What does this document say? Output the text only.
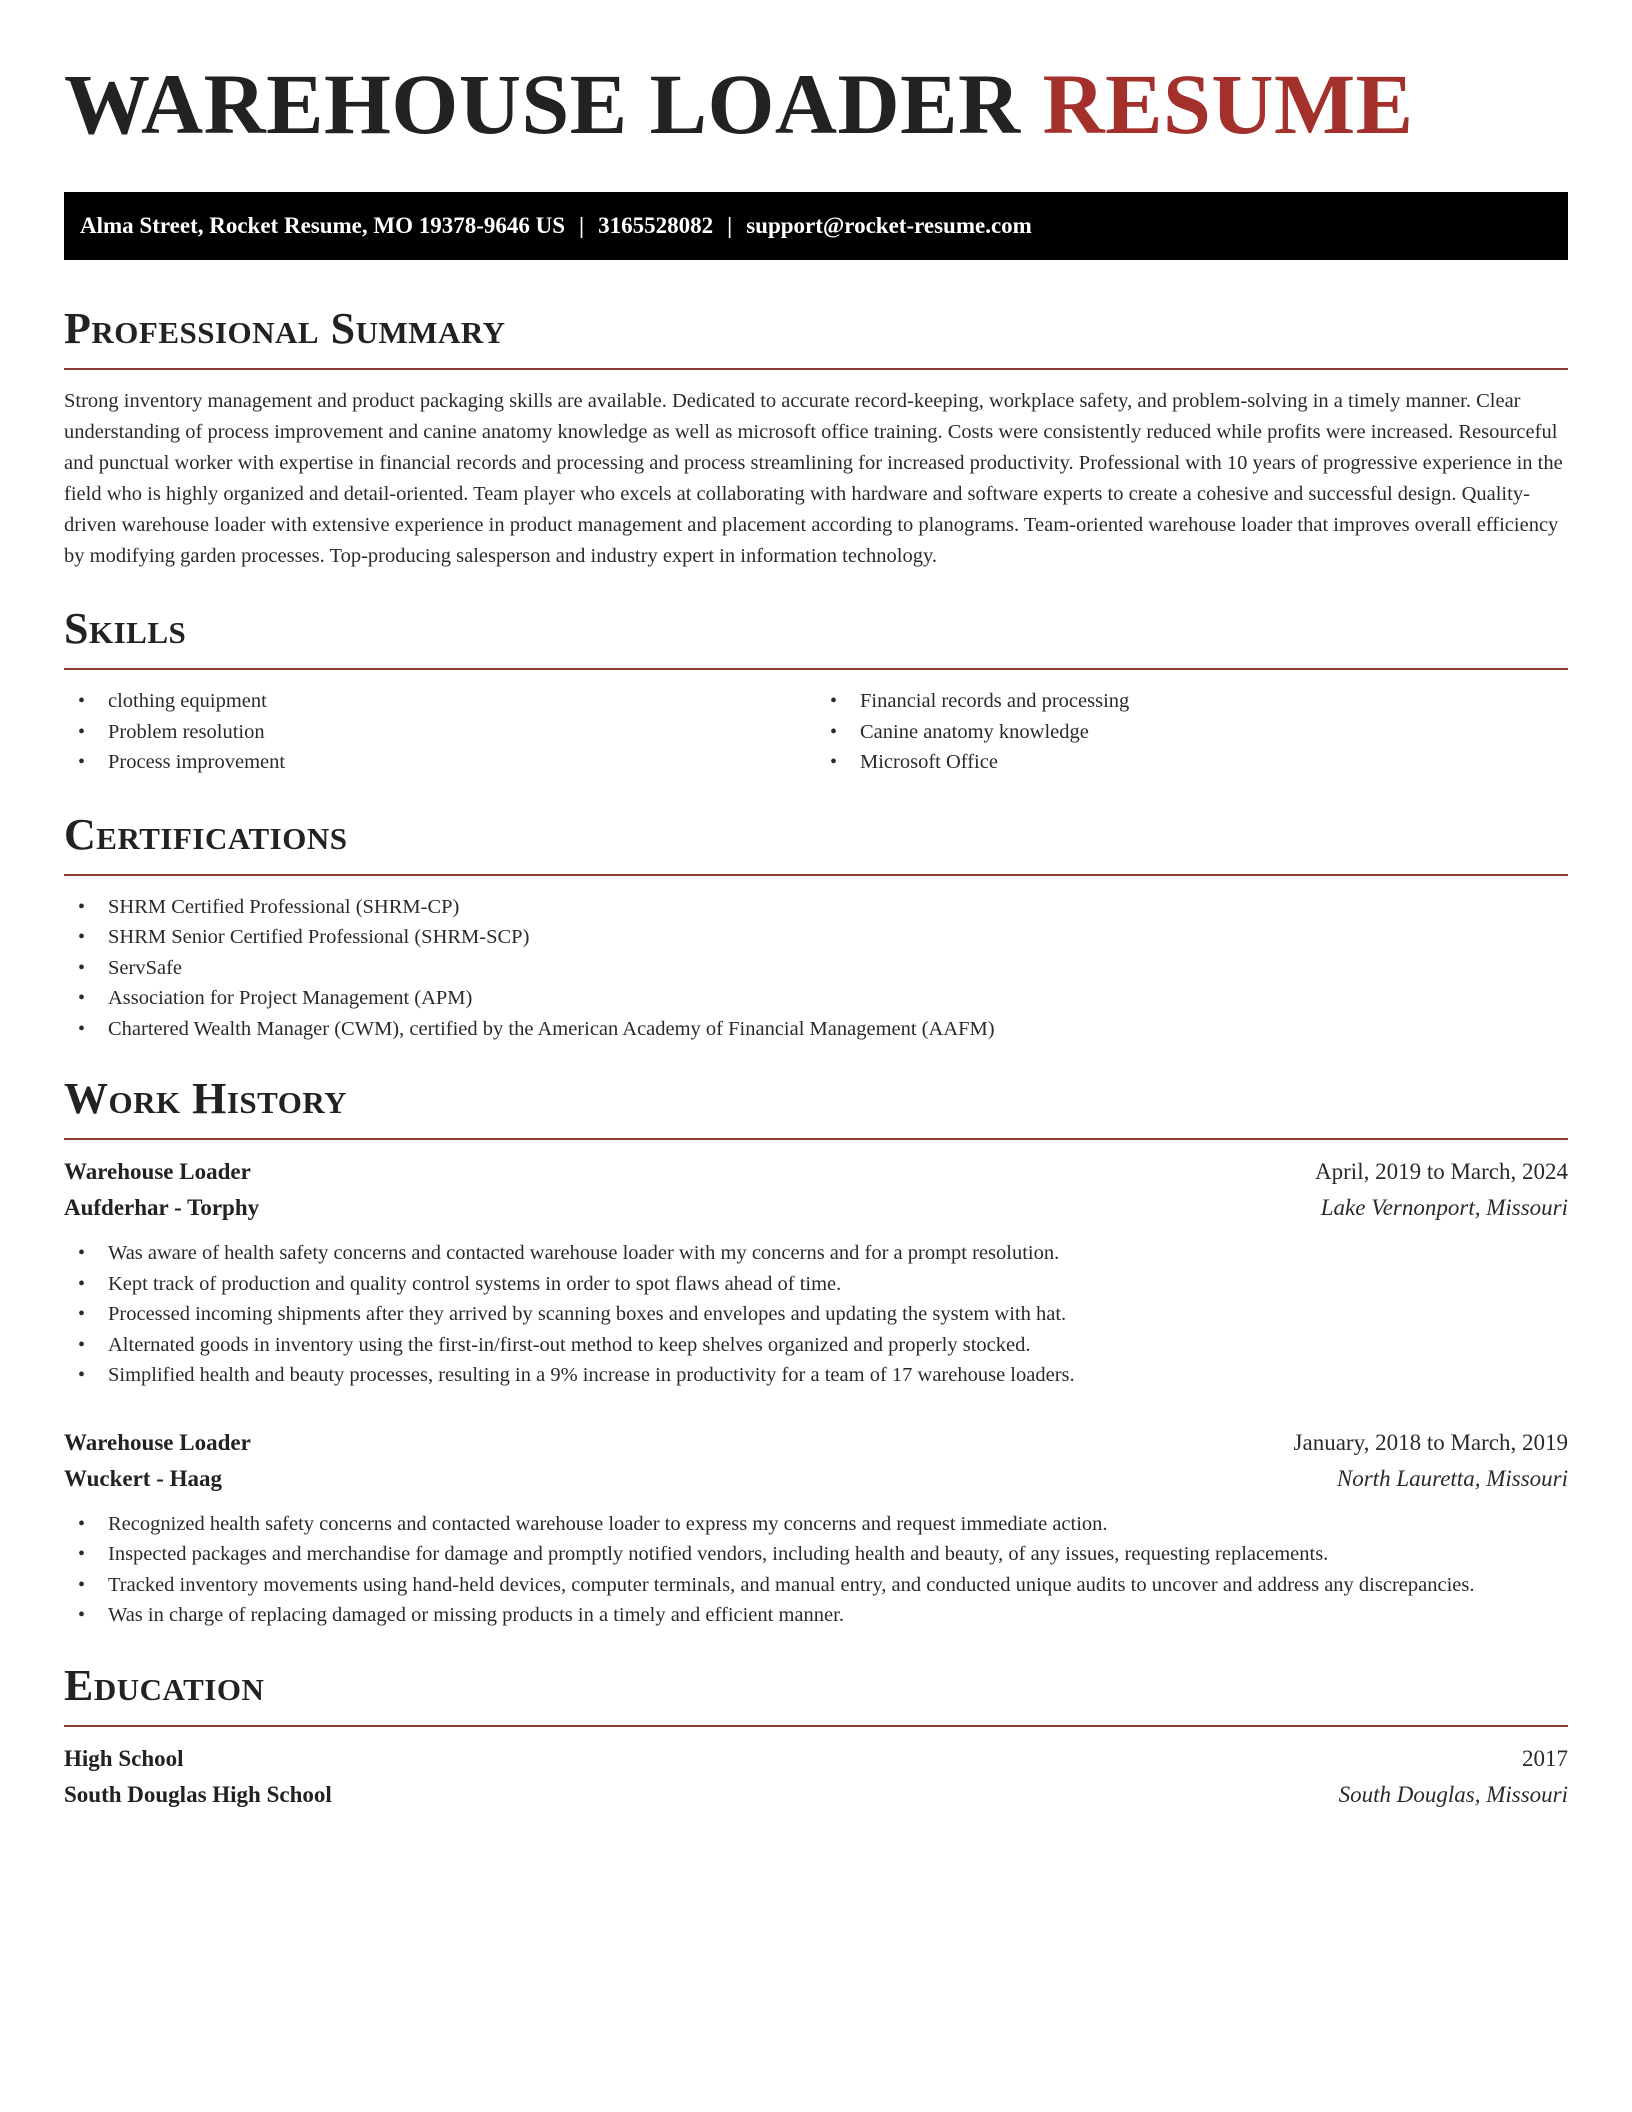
WAREHOUSE LOADER RESUME
Alma Street, Rocket Resume, MO 19378-9646 US | 3165528082 | support@rocket-resume.com
Professional Summary

Strong inventory management and product packaging skills are available. Dedicated to accurate record-keeping, workplace safety, and problem-solving in a timely manner. Clear understanding of process improvement and canine anatomy knowledge as well as microsoft office training. Costs were consistently reduced while profits were increased. Resourceful and punctual worker with expertise in financial records and processing and process streamlining for increased productivity. Professional with 10 years of progressive experience in the field who is highly organized and detail-oriented. Team player who excels at collaborating with hardware and software experts to create a cohesive and successful design. Quality-driven warehouse loader with extensive experience in product management and placement according to planograms. Team-oriented warehouse loader that improves overall efficiency by modifying garden processes. Top-producing salesperson and industry expert in information technology.

Skills
• clothing equipment
• Problem resolution
• Process improvement
• Financial records and processing
• Canine anatomy knowledge
• Microsoft Office
Certifications
• SHRM Certified Professional (SHRM-CP)
• SHRM Senior Certified Professional (SHRM-SCP)
• ServSafe
• Association for Project Management (APM)
• Chartered Wealth Manager (CWM), certified by the American Academy of Financial Management (AAFM)
Work History
Warehouse Loader	April, 2019 to March, 2024
Aufderhar - Torphy	Lake Vernonport, Missouri
• Was aware of health safety concerns and contacted warehouse loader with my concerns and for a prompt resolution.
• Kept track of production and quality control systems in order to spot flaws ahead of time.
• Processed incoming shipments after they arrived by scanning boxes and envelopes and updating the system with hat.
• Alternated goods in inventory using the first-in/first-out method to keep shelves organized and properly stocked.
• Simplified health and beauty processes, resulting in a 9% increase in productivity for a team of 17 warehouse loaders.
Warehouse Loader	January, 2018 to March, 2019
Wuckert - Haag	North Lauretta, Missouri
• Recognized health safety concerns and contacted warehouse loader to express my concerns and request immediate action.
• Inspected packages and merchandise for damage and promptly notified vendors, including health and beauty, of any issues, requesting replacements.
• Tracked inventory movements using hand-held devices, computer terminals, and manual entry, and conducted unique audits to uncover and address any discrepancies.
• Was in charge of replacing damaged or missing products in a timely and efficient manner.
Education
High School	2017
South Douglas High School	South Douglas, Missouri
